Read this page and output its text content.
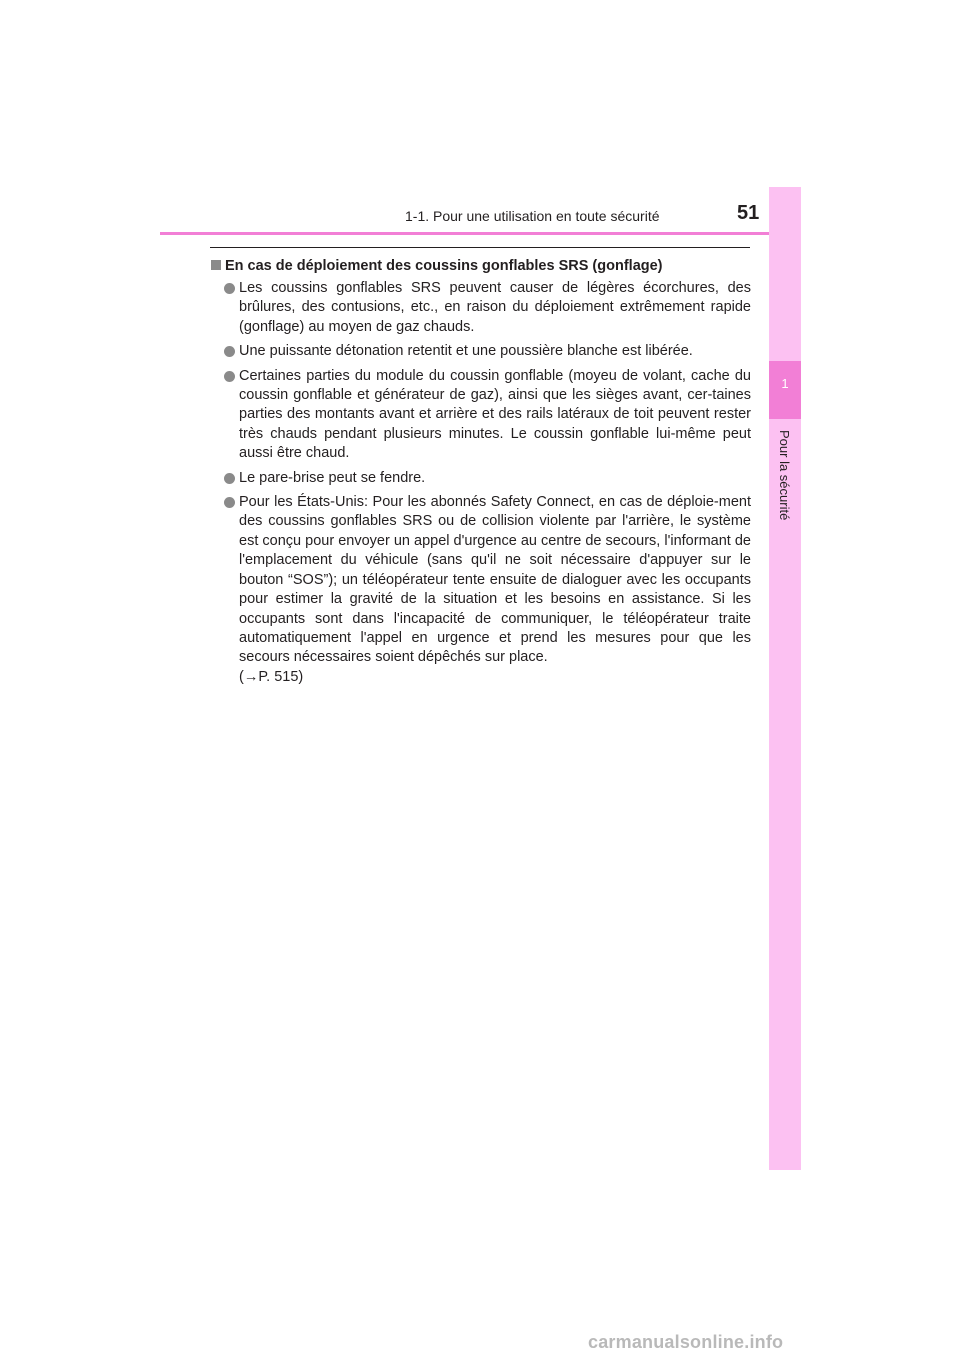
1-1. Pour une utilisation en toute sécurité	51
1
Pour la sécurité
En cas de déploiement des coussins gonflables SRS (gonflage)
Les coussins gonflables SRS peuvent causer de légères écorchures, des brûlures, des contusions, etc., en raison du déploiement extrêmement rapide (gonflage) au moyen de gaz chauds.
Une puissante détonation retentit et une poussière blanche est libérée.
Certaines parties du module du coussin gonflable (moyeu de volant, cache du coussin gonflable et générateur de gaz), ainsi que les sièges avant, cer-taines parties des montants avant et arrière et des rails latéraux de toit peuvent rester très chauds pendant plusieurs minutes. Le coussin gonflable lui-même peut aussi être chaud.
Le pare-brise peut se fendre.
Pour les États-Unis: Pour les abonnés Safety Connect, en cas de déploie-ment des coussins gonflables SRS ou de collision violente par l'arrière, le système est conçu pour envoyer un appel d'urgence au centre de secours, l'informant de l'emplacement du véhicule (sans qu'il ne soit nécessaire d'appuyer sur le bouton “SOS”); un téléopérateur tente ensuite de dialoguer avec les occupants pour estimer la gravité de la situation et les besoins en assistance. Si les occupants sont dans l'incapacité de communiquer, le téléopérateur traite automatiquement l'appel en urgence et prend les mesures pour que les secours nécessaires soient dépêchés sur place.
(→P. 515)
carmanualsonline.info
